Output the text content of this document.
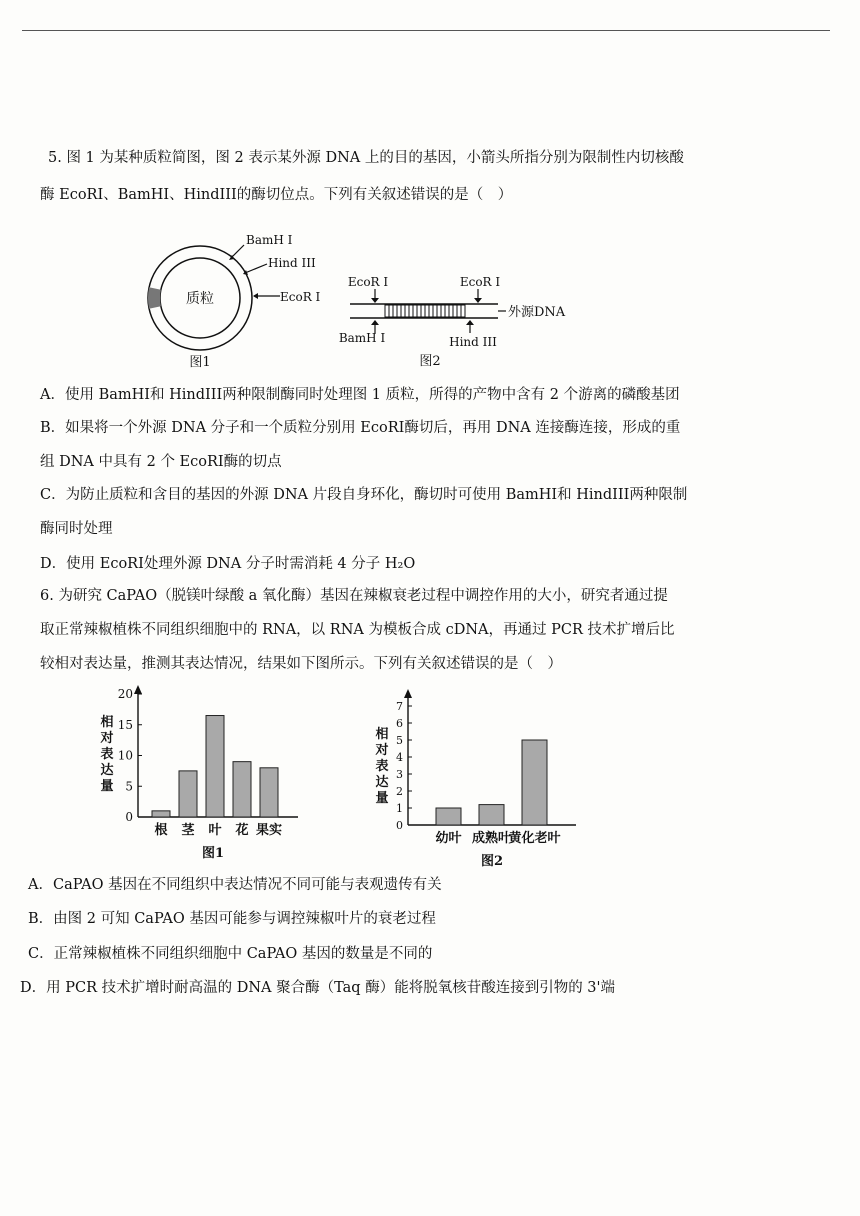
5. 图 1 为某种质粒简图，图 2 表示某外源 DNA 上的目的基因，小箭头所指分别为限制性内切核酸
酶 EcoRI、BamHI、HindIII的酶切位点。下列有关叙述错误的是（　）
质粒
BamH I
Hind III
EcoR I
图1
EcoR I	EcoR I
外源DNA
BamH I	Hind III
图2
A．使用 BamHI和 HindIII两种限制酶同时处理图 1 质粒，所得的产物中含有 2 个游离的磷酸基团
B．如果将一个外源 DNA 分子和一个质粒分别用 EcoRI酶切后，再用 DNA 连接酶连接，形成的重
组 DNA 中具有 2 个 EcoRI酶的切点
C．为防止质粒和含目的基因的外源 DNA 片段自身环化，酶切时可使用 BamHI和 HindIII两种限制
酶同时处理
D．使用 EcoRI处理外源 DNA 分子时需消耗 4 分子 H₂O
6. 为研究 CaPAO（脱镁叶绿酸 a 氧化酶）基因在辣椒衰老过程中调控作用的大小，研究者通过提
取正常辣椒植株不同组织细胞中的 RNA，以 RNA 为模板合成 cDNA，再通过 PCR 技术扩增后比
较相对表达量，推测其表达情况，结果如下图所示。下列有关叙述错误的是（　）
0
5
10
15
20
相
对
表
达
量
根 茎 叶 花 果实
图1
0
1
2
3
4
5
6
7
相
对
表
达
量
幼叶 成熟叶
黄化老叶
图2
A．CaPAO 基因在不同组织中表达情况不同可能与表观遗传有关
B．由图 2 可知 CaPAO 基因可能参与调控辣椒叶片的衰老过程
C．正常辣椒植株不同组织细胞中 CaPAO 基因的数量是不同的
D．用 PCR 技术扩增时耐高温的 DNA 聚合酶（Taq 酶）能将脱氧核苷酸连接到引物的 3'端
